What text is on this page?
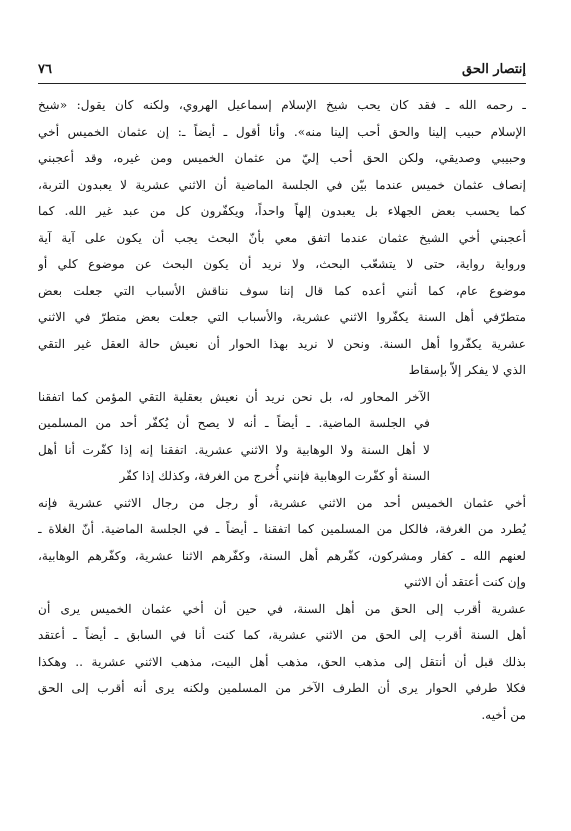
٧٦	إنتصار الحق

ـ رحمه الله ـ فقد كان يحب شيخ الإسلام إسماعيل الهروي، ولكنه كان يقول: «شيخ
الإسلام حبيب إلينا والحق أحب إلينا منه». وأنا أقول ـ أيضاً ـ: إن عثمان الخميس أخي
وحبيبي وصديقي، ولكن الحق أحب إليّ من عثمان الخميس ومن غيره، وقد أعجبني
إنصاف عثمان خميس عندما بيّن في الجلسة الماضية أن الاثني عشرية لا يعبدون التربة،
كما يحسب بعض الجهلاء بل يعبدون إلهاً واحداً، ويكفّرون كل من عبد غير الله. كما
أعجبني أخي الشيخ عثمان عندما اتفق معي بأنّ البحث يجب أن يكون على آية آية
ورواية رواية، حتى لا يتشعّب البحث، ولا نريد أن يكون البحث عن موضوع كلي أو
موضوع عام، كما أنني أعده كما قال إننا سوف نناقش الأسباب التي جعلت بعض
متطرّفي أهل السنة يكفّروا الاثني عشرية، والأسباب التي جعلت بعض متطرّ في الاثني
عشرية يكفّروا أهل السنة. ونحن لا نريد بهذا الحوار أن نعيش حالة العقل غير التقي
الذي لا يفكر إلاّ بإسقاط

الآخر المحاور له، بل نحن نريد أن نعيش بعقلية التقي المؤمن كما اتفقنا
في الجلسة الماضية. ـ أيضاً ـ أنه لا يصح أن يُكفّر أحد من المسلمين
لا أهل السنة ولا الوهابية ولا الاثني عشرية. اتفقنا إنه إذا كفّرت أنا أهل
السنة أو كفّرت الوهابية فإنني أُخرج من الغرفة، وكذلك إذا كفّر

أخي عثمان الخميس أحد من الاثني عشرية، أو رجل من رجال الاثني عشرية فإنه
يُطرد من الغرفة، فالكل من المسلمين كما اتفقنا ـ أيضاً ـ في الجلسة الماضية. أنّ الغلاة ـ
لعنهم الله ـ كفار ومشركون، كفّرهم أهل السنة، وكفّرهم الاثنا عشرية، وكفّرهم الوهابية،
وإن كنت أعتقد أن الاثني

عشرية أقرب إلى الحق من أهل السنة، في حين أن أخي عثمان الخميس يرى أن
أهل السنة أقرب إلى الحق من الاثني عشرية، كما كنت أنا في السابق ـ أيضاً ـ أعتقد
بذلك قبل أن أنتقل إلى مذهب الحق، مذهب أهل البيت، مذهب الاثني عشرية .. وهكذا
فكلا طرفي الحوار يرى أن الطرف الآخر من المسلمين ولكنه يرى أنه أقرب إلى الحق
من أخيه.
